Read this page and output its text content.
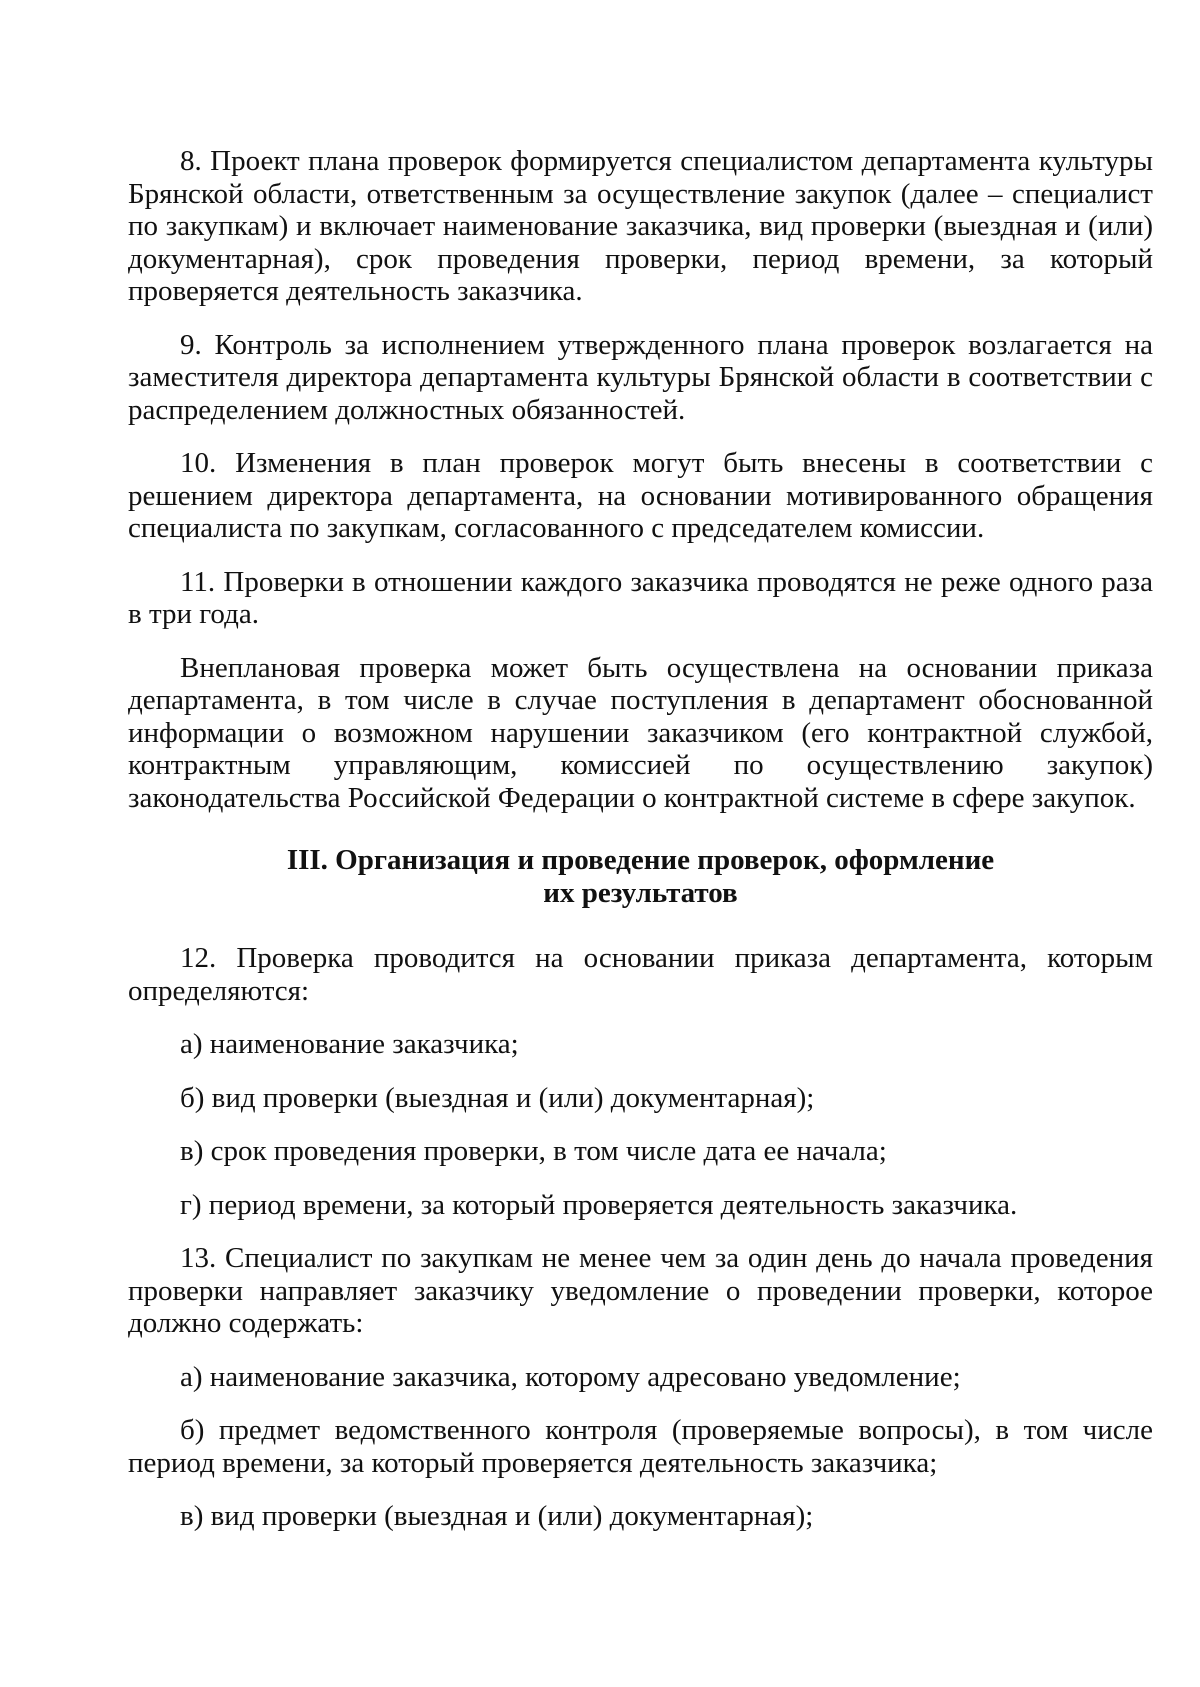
8. Проект плана проверок формируется специалистом департамента культуры Брянской области, ответственным за осуществление закупок (далее – специалист по закупкам) и включает наименование заказчика, вид проверки (выездная и (или) документарная), срок проведения проверки, период времени, за который проверяется деятельность заказчика.

9. Контроль за исполнением утвержденного плана проверок возлагается на заместителя директора департамента культуры Брянской области в соответствии с распределением должностных обязанностей.

10. Изменения в план проверок могут быть внесены в соответствии с решением директора департамента, на основании мотивированного обращения специалиста по закупкам, согласованного с председателем комиссии.

11. Проверки в отношении каждого заказчика проводятся не реже одного раза в три года.

Внеплановая проверка может быть осуществлена на основании приказа департамента, в том числе в случае поступления в департамент обоснованной информации о возможном нарушении заказчиком (его контрактной службой, контрактным управляющим, комиссией по осуществлению закупок) законодательства Российской Федерации о контрактной системе в сфере закупок.

III. Организация и проведение проверок, оформление
их результатов

12. Проверка проводится на основании приказа департамента, которым определяются:

а) наименование заказчика;

б) вид проверки (выездная и (или) документарная);

в) срок проведения проверки, в том числе дата ее начала;

г) период времени, за который проверяется деятельность заказчика.

13. Специалист по закупкам не менее чем за один день до начала проведения проверки направляет заказчику уведомление о проведении проверки, которое должно содержать:

а) наименование заказчика, которому адресовано уведомление;

б) предмет ведомственного контроля (проверяемые вопросы), в том числе период времени, за который проверяется деятельность заказчика;

в) вид проверки (выездная и (или) документарная);
